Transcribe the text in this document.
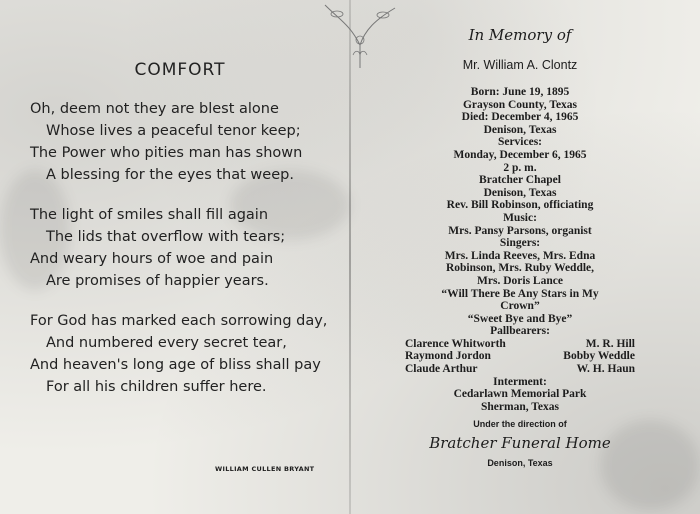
COMFORT
Oh, deem not they are blest alone
Whose lives a peaceful tenor keep;
The Power who pities man has shown
A blessing for the eyes that weep.
The light of smiles shall fill again
The lids that overflow with tears;
And weary hours of woe and pain
Are promises of happier years.
For God has marked each sorrowing day,
And numbered every secret tear,
And heaven's long age of bliss shall pay
For all his children suffer here.
WILLIAM CULLEN BRYANT
In Memory of
Mr. William A. Clontz
Born: June 19, 1895
Grayson County, Texas
Died: December 4, 1965
Denison, Texas
Services:
Monday, December 6, 1965
2 p. m.
Bratcher Chapel
Denison, Texas
Rev. Bill Robinson, officiating
Music:
Mrs. Pansy Parsons, organist
Singers:
Mrs. Linda Reeves, Mrs. Edna
Robinson, Mrs. Ruby Weddle,
Mrs. Doris Lance
“Will There Be Any Stars in My
Crown”
“Sweet Bye and Bye”
Pallbearers:
Clarence Whitworth	M. R. Hill
Raymond Jordon	Bobby Weddle
Claude Arthur	W. H. Haun
Interment:
Cedarlawn Memorial Park
Sherman, Texas
Under the direction of
Bratcher Funeral Home
Denison, Texas
